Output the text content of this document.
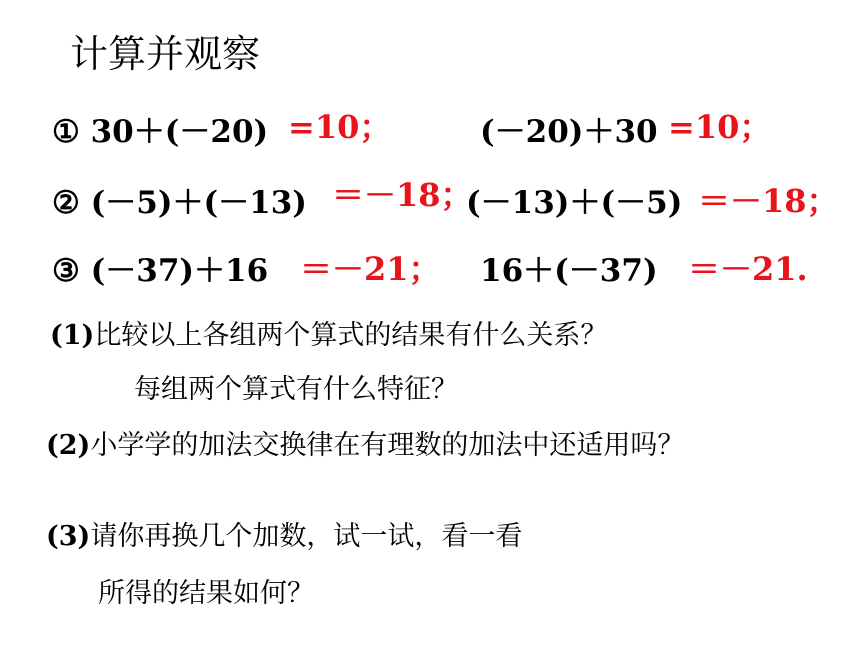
计算并观察
① 30＋(－20) =10；	(－20)＋30 =10；
② (－5)＋(－13) ＝－18；
(－13)＋(－5) ＝－18；
③ (－37)＋16 ＝－21； 16＋(－37) ＝－21.
(1)比较以上各组两个算式的结果有什么关系？
每组两个算式有什么特征？
(2)小学学的加法交换律在有理数的加法中还适用吗？
(3)请你再换几个加数，试一试，看一看
所得的结果如何？
